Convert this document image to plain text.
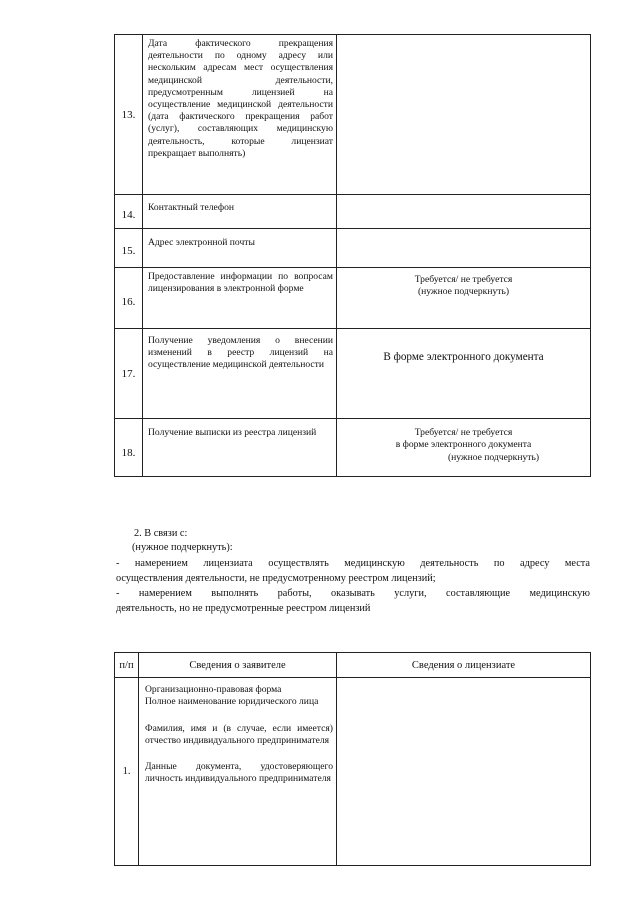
13.	Дата фактического прекращения деятельности по одному адресу или нескольким адресам мест осуществления медицинской деятельности, предусмотренным лицензией на осуществление медицинской деятельности (дата фактического прекращения работ (услуг), составляющих медицинскую деятельность, которые лицензиат прекращает выполнять)	
14.	Контактный телефон	
15.	Адрес электронной почты	
16.	Предоставление информации по вопросам лицензирования в электронной форме	Требуется/ не требуется
(нужное подчеркнуть)

17.	Получение уведомления о внесении изменений в реестр лицензий на осуществление медицинской деятельности	В форме электронного документа
18.	Получение выписки из реестра лицензий	Требуется/ не требуется
в форме электронного документа
(нужное подчеркнуть)
2. В связи с:
(нужное подчеркнуть):
- намерением лицензиата осуществлять медицинскую деятельность по адресу места
осуществления деятельности, не предусмотренному реестром лицензий;
- намерением выполнять работы, оказывать услуги, составляющие медицинскую
деятельность, но не предусмотренные реестром лицензий
п/п	Сведения о заявителе	Сведения о лицензиате
1.	Организационно-правовая форма
Полное наименование юридического лица
Фамилия, имя и (в случае, если имеется) отчество индивидуального предпринимателя
Данные документа, удостоверяющего личность индивидуального предпринимателя	
